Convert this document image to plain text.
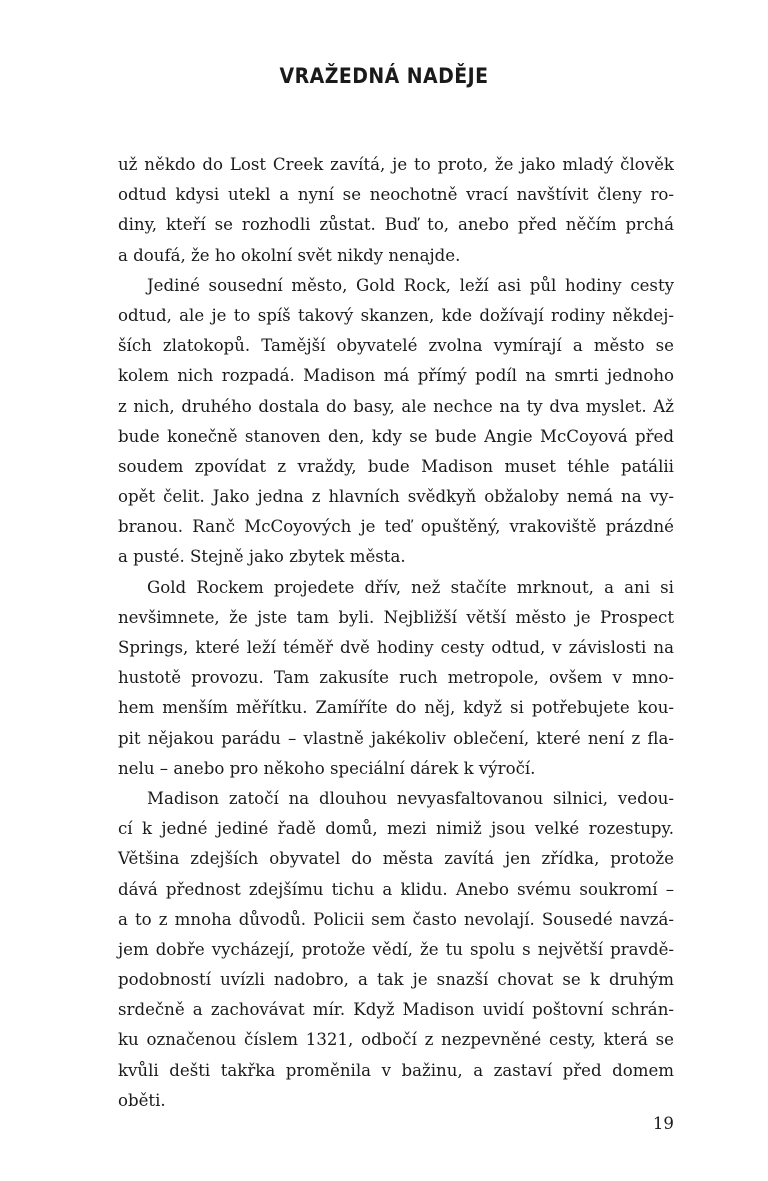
VRAŽEDNÁ NADĚJE
už někdo do Lost Creek zavítá, je to proto, že jako mladý člověk
odtud kdysi utekl a nyní se neochotně vrací navštívit členy ro-
diny, kteří se rozhodli zůstat. Buď to, anebo před něčím prchá
a doufá, že ho okolní svět nikdy nenajde.
Jediné sousední město, Gold Rock, leží asi půl hodiny cesty
odtud, ale je to spíš takový skanzen, kde dožívají rodiny někdej-
ších zlatokopů. Tamější obyvatelé zvolna vymírají a město se
kolem nich rozpadá. Madison má přímý podíl na smrti jednoho
z nich, druhého dostala do basy, ale nechce na ty dva myslet. Až
bude konečně stanoven den, kdy se bude Angie McCoyová před
soudem zpovídat z vraždy, bude Madison muset téhle patálii
opět čelit. Jako jedna z hlavních svědkyň obžaloby nemá na vy-
branou. Ranč McCoyových je teď opuštěný, vrakoviště prázdné
a pusté. Stejně jako zbytek města.
Gold Rockem projedete dřív, než stačíte mrknout, a ani si
nevšimnete, že jste tam byli. Nejbližší větší město je Prospect
Springs, které leží téměř dvě hodiny cesty odtud, v závislosti na
hustotě provozu. Tam zakusíte ruch metropole, ovšem v mno-
hem menším měřítku. Zamíříte do něj, když si potřebujete kou-
pit nějakou parádu – vlastně jakékoliv oblečení, které není z fla-
nelu – anebo pro někoho speciální dárek k výročí.
Madison zatočí na dlouhou nevyasfaltovanou silnici, vedou-
cí k jedné jediné řadě domů, mezi nimiž jsou velké rozestupy.
Většina zdejších obyvatel do města zavítá jen zřídka, protože
dává přednost zdejšímu tichu a klidu. Anebo svému soukromí –
a to z mnoha důvodů. Policii sem často nevolají. Sousedé navzá-
jem dobře vycházejí, protože vědí, že tu spolu s největší pravdě-
podobností uvízli nadobro, a tak je snazší chovat se k druhým
srdečně a zachovávat mír. Když Madison uvidí poštovní schrán-
ku označenou číslem 1321, odbočí z nezpevněné cesty, která se
kvůli dešti takřka proměnila v bažinu, a zastaví před domem
oběti.
19
